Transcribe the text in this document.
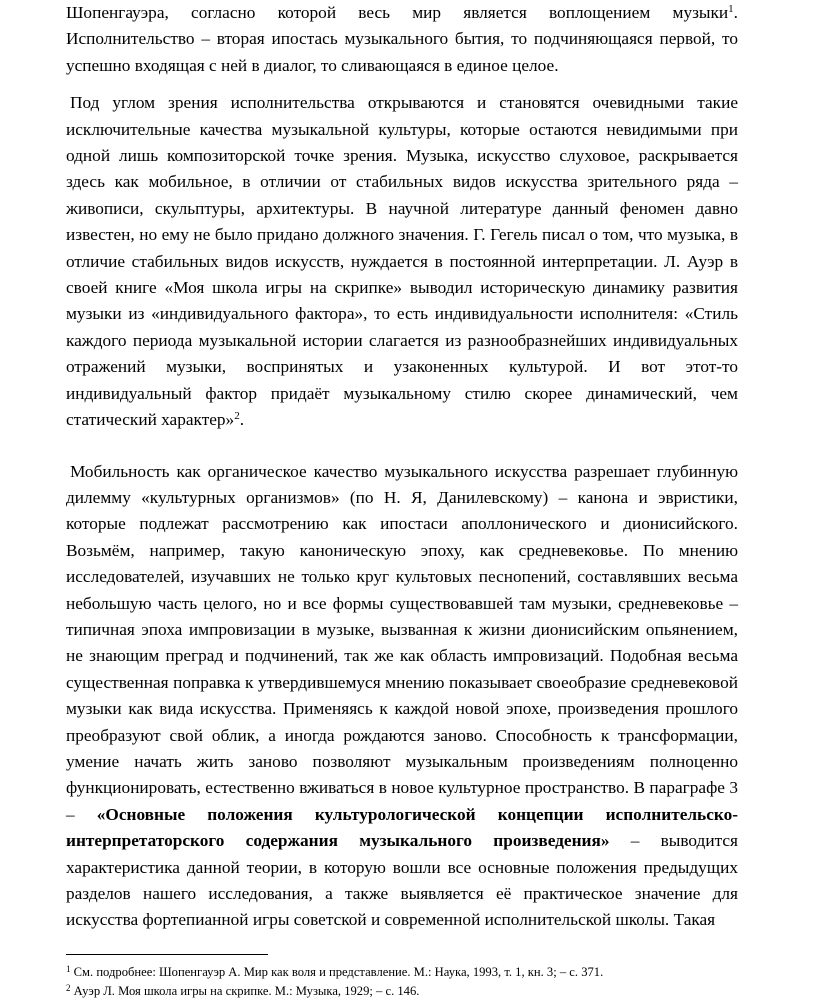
Шопенгауэра, согласно которой весь мир является воплощением музыки$^1$. Исполнительство – вторая ипостась музыкального бытия, то подчиняющаяся первой, то успешно входящая с ней в диалог, то сливающаяся в единое целое.

Под углом зрения исполнительства открываются и становятся очевидными такие исключительные качества музыкальной культуры, которые остаются невидимыми при одной лишь композиторской точке зрения. Музыка, искусство слуховое, раскрывается здесь как мобильное, в отличии от стабильных видов искусства зрительного ряда – живописи, скульптуры, архитектуры. В научной литературе данный феномен давно известен, но ему не было придано должного значения. Г. Гегель писал о том, что музыка, в отличие стабильных видов искусств, нуждается в постоянной интерпретации. Л. Ауэр в своей книге «Моя школа игры на скрипке» выводил историческую динамику развития музыки из «индивидуального фактора», то есть индивидуальности исполнителя: «Стиль каждого периода музыкальной истории слагается из разнообразнейших индивидуальных отражений музыки, воспринятых и узаконенных культурой. И вот этот-то индивидуальный фактор придаёт музыкальному стилю скорее динамический, чем статический характер»$^2$.

Мобильность как органическое качество музыкального искусства разрешает глубинную дилемму «культурных организмов» (по Н. Я, Данилевскому) – канона и эвристики, которые подлежат рассмотрению как ипостаси аполлонического и дионисийского. Возьмём, например, такую каноническую эпоху, как средневековье. По мнению исследователей, изучавших не только круг культовых песнопений, составлявших весьма небольшую часть целого, но и все формы существовавшей там музыки, средневековье – типичная эпоха импровизации в музыке, вызванная к жизни дионисийским опьянением, не знающим преград и подчинений, так же как область импровизаций. Подобная весьма существенная поправка к утвердившемуся мнению показывает своеобразие средневековой музыки как вида искусства. Применяясь к каждой новой эпохе, произведения прошлого преобразуют свой облик, а иногда рождаются заново. Способность к трансформации, умение начать жить заново позволяют музыкальным произведениям полноценно функционировать, естественно вживаться в новое культурное пространство. В параграфе 3 – «Основные положения культурологической концепции исполнительско-интерпретаторского содержания музыкального произведения» – выводится характеристика данной теории, в которую вошли все основные положения предыдущих разделов нашего исследования, а также выявляется её практическое значение для искусства фортепианной игры советской и современной исполнительской школы. Такая

$^1$ См. подробнее: Шопенгауэр А. Мир как воля и представление. М.: Наука, 1993, т. 1, кн. 3; – с. 371.

$^2$ Ауэр Л. Моя школа игры на скрипке. М.: Музыка, 1929; – с. 146.
